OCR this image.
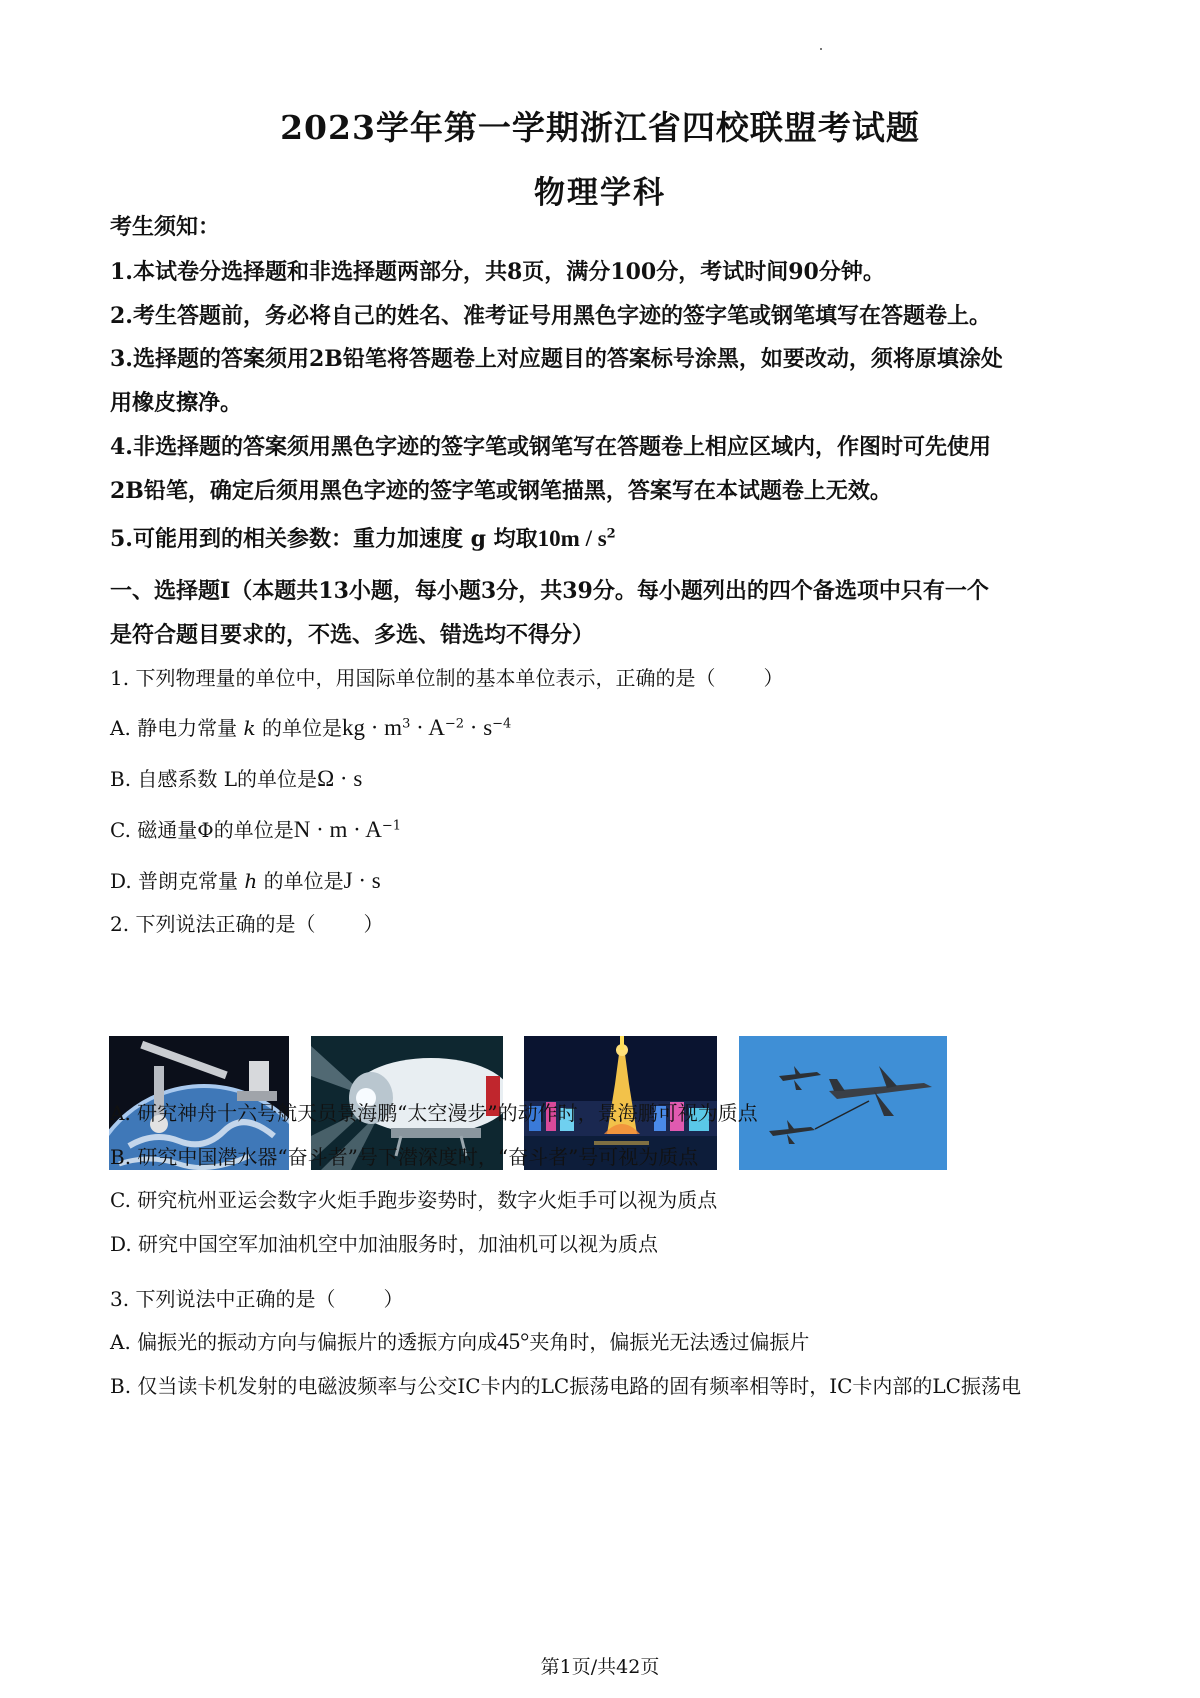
2023学年第一学期浙江省四校联盟考试题
物理学科
考生须知：
1.本试卷分选择题和非选择题两部分，共8页，满分100分，考试时间90分钟。
2.考生答题前，务必将自己的姓名、准考证号用黑色字迹的签字笔或钢笔填写在答题卷上。
3.选择题的答案须用2B铅笔将答题卷上对应题目的答案标号涂黑，如要改动，须将原填涂处
用橡皮擦净。
4.非选择题的答案须用黑色字迹的签字笔或钢笔写在答题卷上相应区域内，作图时可先使用
2B铅笔，确定后须用黑色字迹的签字笔或钢笔描黑，答案写在本试题卷上无效。
5.可能用到的相关参数：重力加速度 g 均取$10m / s^2$
一、选择题Ⅰ（本题共13小题，每小题3分，共39分。每小题列出的四个备选项中只有一个
是符合题目要求的，不选、多选、错选均不得分）
1. 下列物理量的单位中，用国际单位制的基本单位表示，正确的是（ ）
A. 静电力常量 k 的单位是kg · $m^3 \cdot A^{-2} \cdot s^{-4}$
B. 自感系数 L的单位是Ω · s
C. 磁通量Φ的单位是$N \cdot m \cdot A^{-1}$
D. 普朗克常量 h 的单位是J · s
2. 下列说法正确的是（ ）
A. 研究神舟十六号航天员景海鹏“太空漫步”的动作时，景海鹏可视为质点
B. 研究中国潜水器“奋斗者”号下潜深度时，“奋斗者”号可视为质点
C. 研究杭州亚运会数字火炬手跑步姿势时，数字火炬手可以视为质点
D. 研究中国空军加油机空中加油服务时，加油机可以视为质点
3. 下列说法中正确的是（ ）
A. 偏振光的振动方向与偏振片的透振方向成45°夹角时，偏振光无法透过偏振片
B. 仅当读卡机发射的电磁波频率与公交IC卡内的LC振荡电路的固有频率相等时，IC卡内部的LC振荡电
第1页/共42页
